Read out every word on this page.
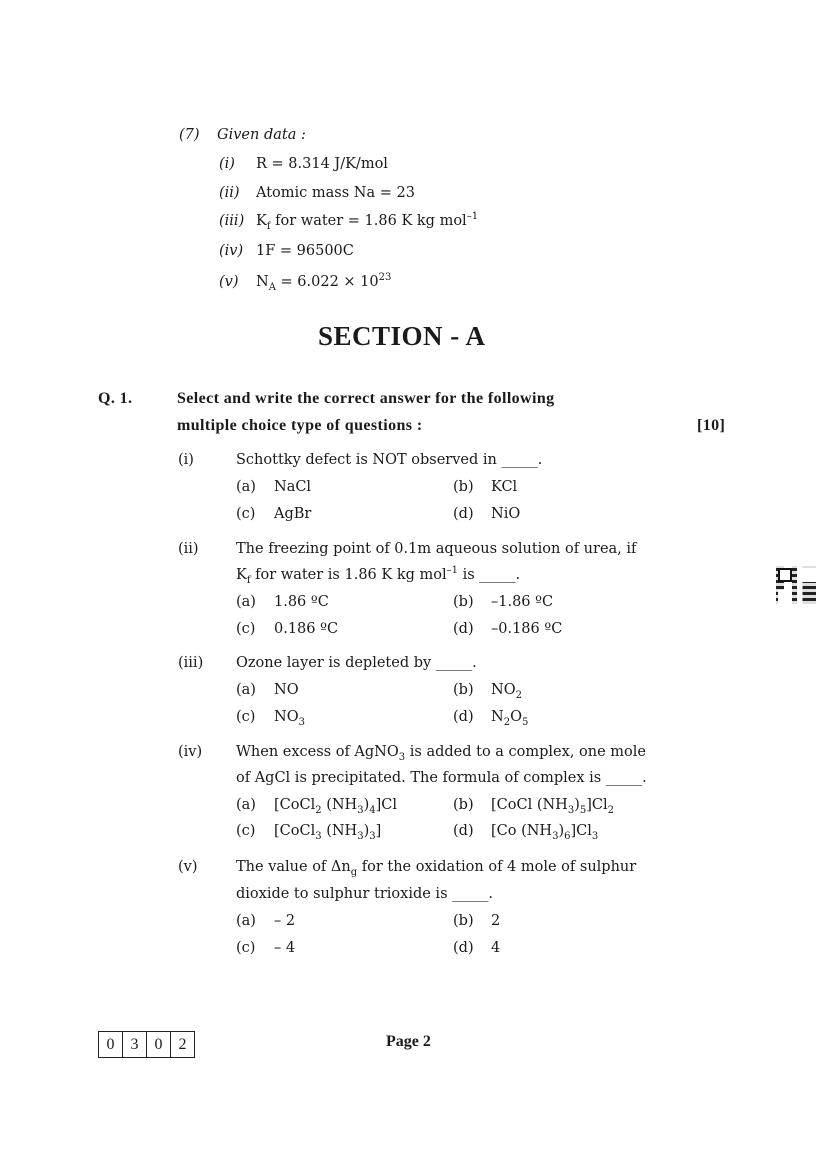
(7) Given data :
(i) R = 8.314 J/K/mol
(ii) Atomic mass Na = 23
(iii) $K_f$ for water = 1.86 K kg mol$^{-1}$
(iv) 1F = 96500C
(v) $N_A = 6.022 \times 10^{23}$
SECTION - A
Q. 1.	Select and write the correct answer for the following
multiple choice type of questions :	[10]
(i)	Schottky defect is NOT observed in _____.
(a) NaCl	(b) KCl
(c) AgBr	(d) NiO
(ii)	The freezing point of 0.1m aqueous solution of urea, if
$K_f$ for water is 1.86 K kg mol$^{-1}$ is _____.
(a) 1.86 ºC	(b) –1.86 ºC
(c) 0.186 ºC	(d) –0.186 ºC
(iii) Ozone layer is depleted by _____.
(a) NO	(b) $NO_2$
(c) $NO_3$	(d) $N_2O_5$
(iv) When excess of AgNO$_3$ is added to a complex, one mole
of AgCl is precipitated. The formula of complex is _____.
(a) [CoCl$_2$ $(NH_3)_4]Cl$	(b) [CoCl $(NH_3)_5]Cl_2$
(c) [CoCl$_3$ $(NH_3)_3$]	(d) [Co $(NH_3)_6]Cl_3$
(v)	The value of $\Delta n_g$ for the oxidation of 4 mole of sulphur
dioxide to sulphur trioxide is _____.
(a) – 2	(b) 2
(c) – 4	(d) 4
0	3	0	2	Page 2
